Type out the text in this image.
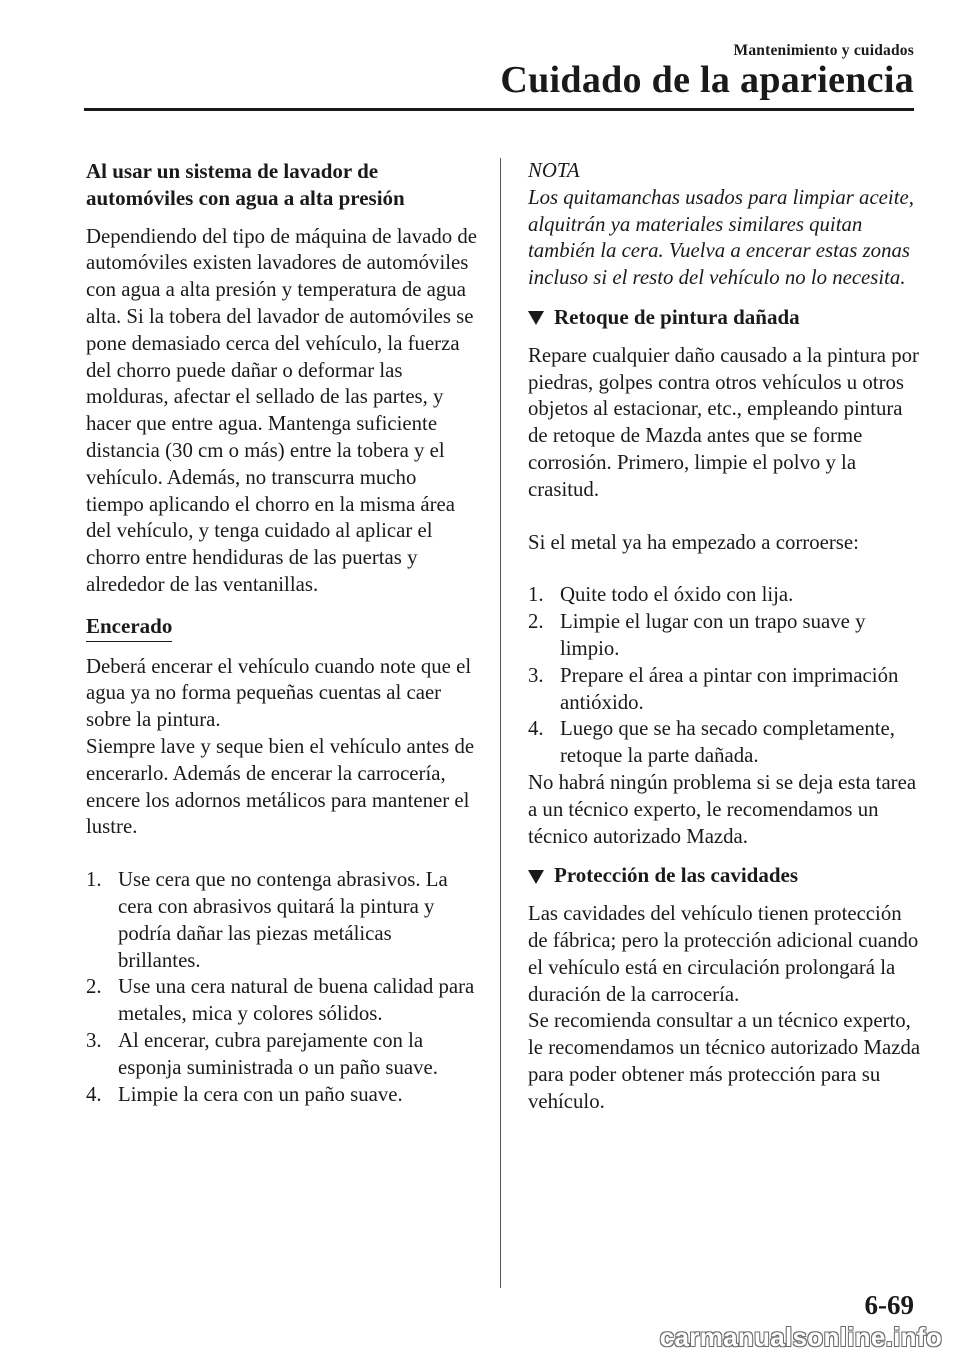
Mantenimiento y cuidados
Cuidado de la apariencia

Al usar un sistema de lavador de automóviles con agua a alta presión

Dependiendo del tipo de máquina de lavado de automóviles existen lavadores de automóviles con agua a alta presión y temperatura de agua alta. Si la tobera del lavador de automóviles se pone demasiado cerca del vehículo, la fuerza del chorro puede dañar o deformar las molduras, afectar el sellado de las partes, y hacer que entre agua. Mantenga suficiente distancia (30 cm o más) entre la tobera y el vehículo. Además, no transcurra mucho tiempo aplicando el chorro en la misma área del vehículo, y tenga cuidado al aplicar el chorro entre hendiduras de las puertas y alrededor de las ventanillas.

Encerado

Deberá encerar el vehículo cuando note que el agua ya no forma pequeñas cuentas al caer sobre la pintura.

Siempre lave y seque bien el vehículo antes de encerarlo. Además de encerar la carrocería, encere los adornos metálicos para mantener el lustre.

1. Use cera que no contenga abrasivos. La cera con abrasivos quitará la pintura y podría dañar las piezas metálicas brillantes.
2. Use una cera natural de buena calidad para metales, mica y colores sólidos.
3. Al encerar, cubra parejamente con la esponja suministrada o un paño suave.
4. Limpie la cera con un paño suave.

NOTA

Los quitamanchas usados para limpiar aceite, alquitrán ya materiales similares quitan también la cera. Vuelva a encerar estas zonas incluso si el resto del vehículo no lo necesita.

Retoque de pintura dañada

Repare cualquier daño causado a la pintura por piedras, golpes contra otros vehículos u otros objetos al estacionar, etc., empleando pintura de retoque de Mazda antes que se forme corrosión. Primero, limpie el polvo y la crasitud.

Si el metal ya ha empezado a corroerse:

1. Quite todo el óxido con lija.
2. Limpie el lugar con un trapo suave y limpio.
3. Prepare el área a pintar con imprimación antióxido.
4. Luego que se ha secado completamente, retoque la parte dañada.

No habrá ningún problema si se deja esta tarea a un técnico experto, le recomendamos un técnico autorizado Mazda.

Protección de las cavidades

Las cavidades del vehículo tienen protección de fábrica; pero la protección adicional cuando el vehículo está en circulación prolongará la duración de la carrocería.

Se recomienda consultar a un técnico experto, le recomendamos un técnico autorizado Mazda para poder obtener más protección para su vehículo.

6-69
carmanualsonline.info
